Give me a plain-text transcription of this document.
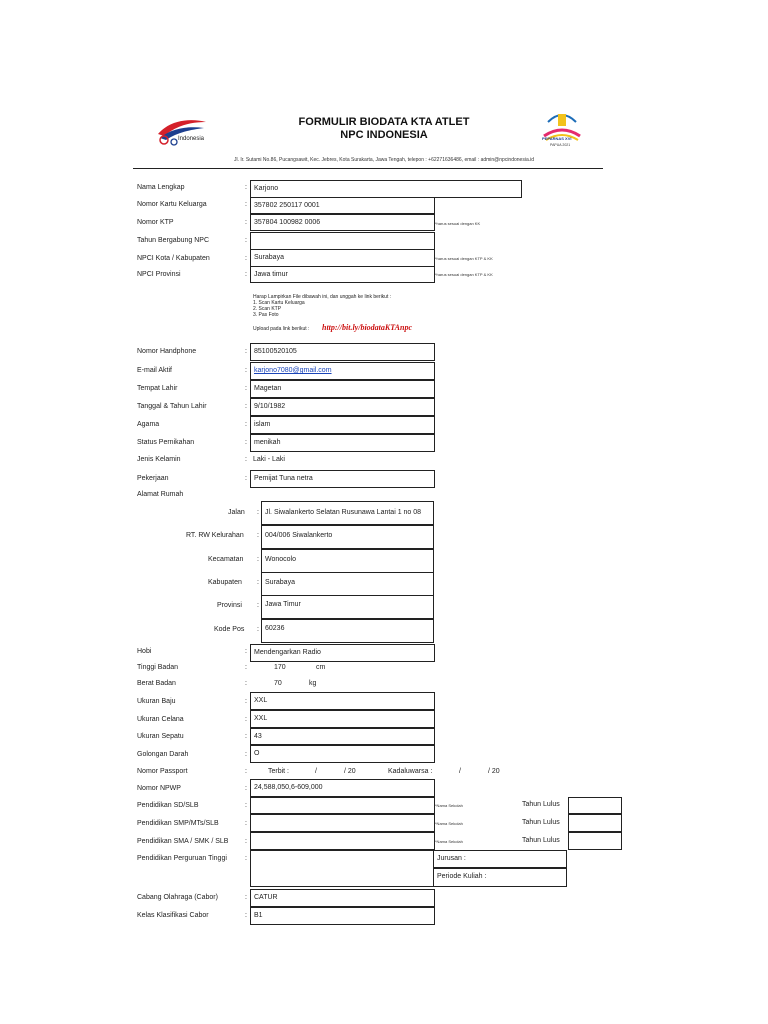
Indonesia
FORMULIR BIODATA KTA ATLET
NPC INDONESIA	PEPARNAS XVI
PAPUA 2021
Jl. Ir. Sutami No.86, Pucangsawit, Kec. Jebres, Kota Surakarta, Jawa Tengah, telepon : +62271636486, email : admin@npcindonesia.id
Nama Lengkap	:	Karjono
Nomor Kartu Keluarga	:	357802 250117 0001
Nomor KTP	:	357804 100982 0006	*harus sesuai dengan KK
Tahun Bergabung NPC	:
NPCI Kota / Kabupaten	:	Surabaya	*harus sesuai dengan KTP & KK
NPCI Provinsi	:	Jawa timur	*harus sesuai dengan KTP & KK
Harap Lampirkan File dibawah ini, dan unggah ke link berikut :
1. Scan Kartu Keluarga
2. Scan KTP
3. Pas Foto
Upload pada link berikut : http://bit.ly/biodataKTAnpc
Nomor Handphone	:	85100520105
E-mail Aktif	:	karjono7080@gmail.com
Tempat Lahir	:	Magetan
Tanggal & Tahun Lahir	:	9/10/1982
Agama	:	islam
Status Pernikahan	:	menikah
Jenis Kelamin	: Laki - Laki
Pekerjaan	:	Pemijat Tuna netra
Alamat Rumah
Jalan : Jl. Siwalankerto Selatan Rusunawa Lantai 1 no 08
RT. RW Kelurahan : 004/006 Siwalankerto
Kecamatan : Wonocolo
Kabupaten : Surabaya
Provinsi : Jawa Timur
Kode Pos : 60236
Hobi	:	Mendengarkan Radio
Tinggi Badan	:	170	cm
Berat Badan	:	70	kg
Ukuran Baju	:	XXL
Ukuran Celana	:	XXL
Ukuran Sepatu	:	43
Golongan Darah	:	O
Nomor Passport	:	Terbit :	/	/ 20	Kadaluwarsa :	/	/ 20
Nomor NPWP	:	24,588,050,6-609,000
Pendidikan SD/SLB	:	*Nama Sekolah	Tahun Lulus
Pendidikan SMP/MTs/SLB	:	*Nama Sekolah	Tahun Lulus
Pendidikan SMA / SMK / SLB :	*Nama Sekolah	Tahun Lulus
Pendidikan Perguruan Tinggi	:	Jurusan :
Periode Kuliah :
Cabang Olahraga (Cabor)	:	CATUR
Kelas Klasifikasi Cabor	:	B1
